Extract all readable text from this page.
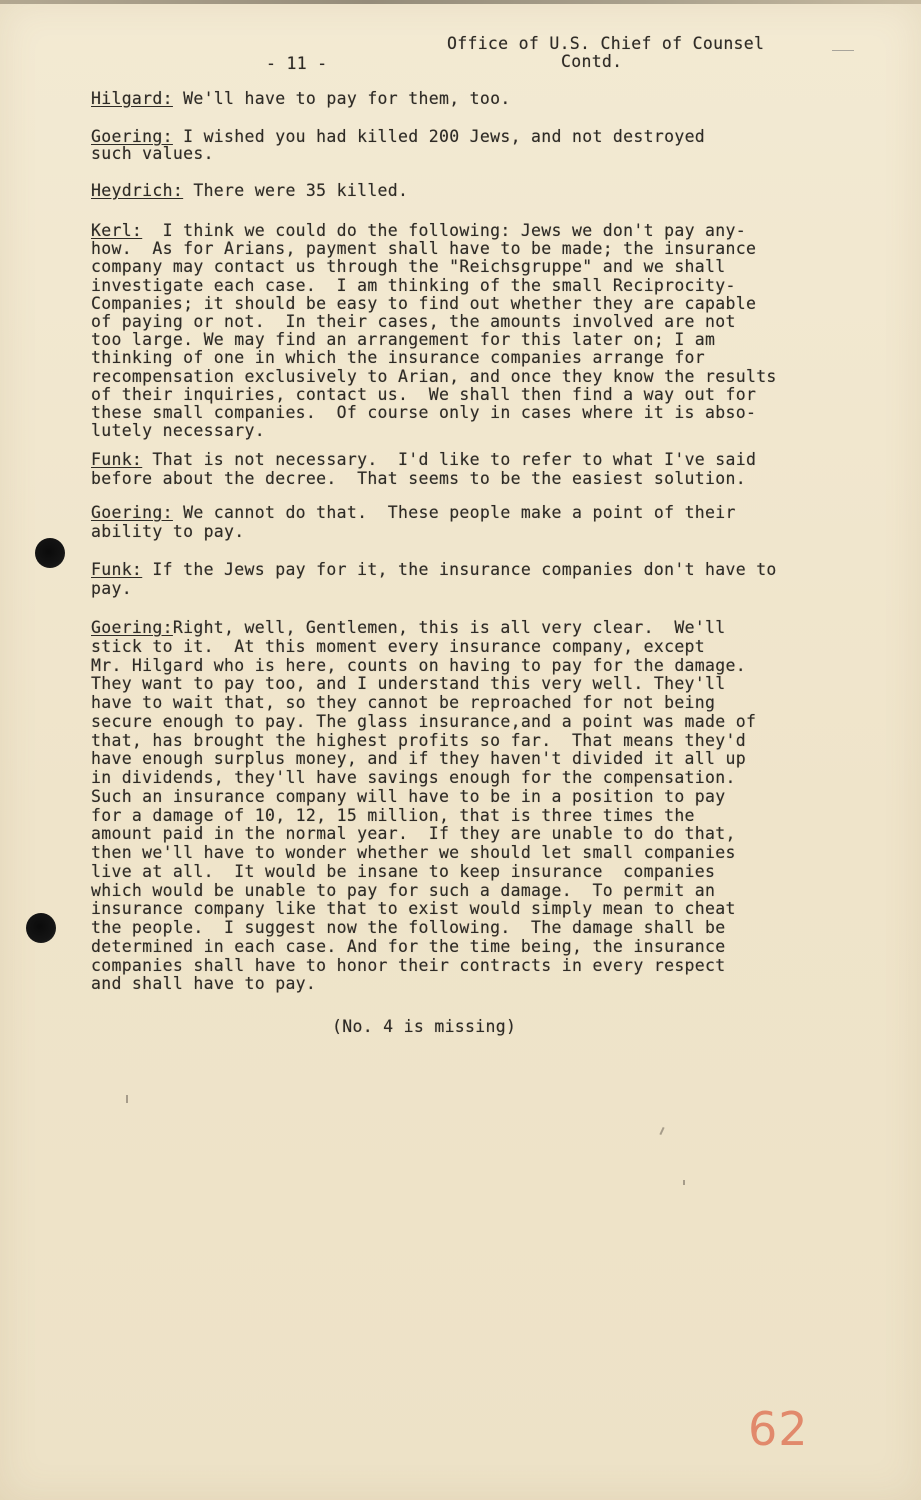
Office of U.S. Chief of Counsel
Contd.
- 11 -
Hilgard: We'll have to pay for them, too.
Goering: I wished you had killed 200 Jews, and not destroyed
such values.
Heydrich: There were 35 killed.
Kerl:  I think we could do the following: Jews we don't pay any-
how.  As for Arians, payment shall have to be made; the insurance
company may contact us through the "Reichsgruppe" and we shall
investigate each case.  I am thinking of the small Reciprocity-
Companies; it should be easy to find out whether they are capable
of paying or not.  In their cases, the amounts involved are not
too large. We may find an arrangement for this later on; I am
thinking of one in which the insurance companies arrange for
recompensation exclusively to Arian, and once they know the results
of their inquiries, contact us.  We shall then find a way out for
these small companies.  Of course only in cases where it is abso-
lutely necessary.
Funk: That is not necessary.  I'd like to refer to what I've said
before about the decree.  That seems to be the easiest solution.
Goering: We cannot do that.  These people make a point of their
ability to pay.
Funk: If the Jews pay for it, the insurance companies don't have to
pay.
Goering:Right, well, Gentlemen, this is all very clear.  We'll
stick to it.  At this moment every insurance company, except
Mr. Hilgard who is here, counts on having to pay for the damage.
They want to pay too, and I understand this very well. They'll
have to wait that, so they cannot be reproached for not being
secure enough to pay. The glass insurance,and a point was made of
that, has brought the highest profits so far.  That means they'd
have enough surplus money, and if they haven't divided it all up
in dividends, they'll have savings enough for the compensation.
Such an insurance company will have to be in a position to pay
for a damage of 10, 12, 15 million, that is three times the
amount paid in the normal year.  If they are unable to do that,
then we'll have to wonder whether we should let small companies
live at all.  It would be insane to keep insurance  companies
which would be unable to pay for such a damage.  To permit an
insurance company like that to exist would simply mean to cheat
the people.  I suggest now the following.  The damage shall be
determined in each case. And for the time being, the insurance
companies shall have to honor their contracts in every respect
and shall have to pay.
(No. 4 is missing)
62
